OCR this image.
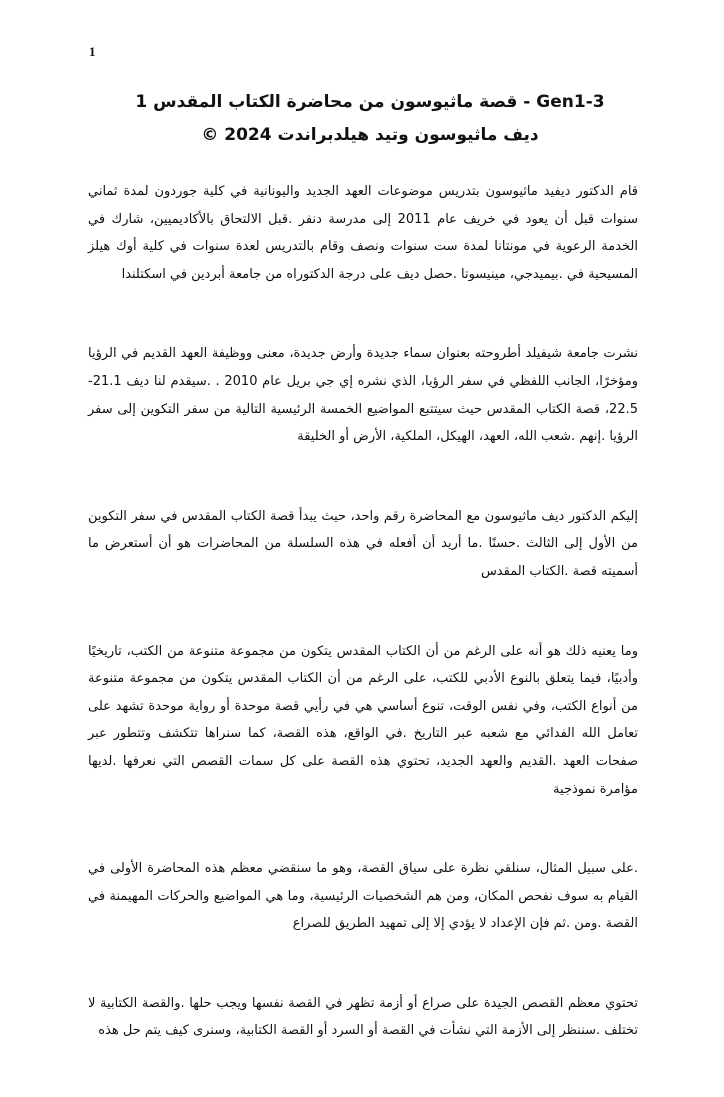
1

Gen1-3 - قصة ماثيوسون من محاضرة الكتاب المقدس 1

ديف ماثيوسون وتيد هيلدبراندت 2024 ©

قام الدكتور ديفيد ماثيوسون بتدريس موضوعات العهد الجديد واليونانية في كلية جوردون لمدة ثماني سنوات قبل أن يعود في خريف عام 2011 إلى مدرسة دنفر .قبل الالتحاق بالأكاديميين، شارك في الخدمة الرعوية في مونتانا لمدة ست سنوات ونصف وقام بالتدريس لعدة سنوات في كلية أوك هيلز المسيحية في .بيميدجي، مينيسوتا .حصل ديف على درجة الدكتوراه من جامعة أبردين في اسكتلندا

نشرت جامعة شيفيلد أطروحته بعنوان سماء جديدة وأرض جديدة، معنى ووظيفة العهد القديم في الرؤيا ومؤخرًا، الجانب اللفظي في سفر الرؤيا، الذي نشره إي جي بريل عام 2010 . .سيقدم لنا ديف 21.1-22.5، قصة الكتاب المقدس حيث سيتتبع المواضيع الخمسة الرئيسية التالية من سفر التكوين إلى سفر الرؤيا .إنهم .شعب الله، العهد، الهيكل، الملكية، الأرض أو الخليقة

إليكم الدكتور ديف ماثيوسون مع المحاضرة رقم واحد، حيث يبدأ قصة الكتاب المقدس في سفر التكوين من الأول إلى الثالث .حسنًا .ما أريد أن أفعله في هذه السلسلة من المحاضرات هو أن أستعرض ما أسميته قصة .الكتاب المقدس

وما يعنيه ذلك هو أنه على الرغم من أن الكتاب المقدس يتكون من مجموعة متنوعة من الكتب، تاريخيًا وأدبيًا، فيما يتعلق بالنوع الأدبي للكتب، على الرغم من أن الكتاب المقدس يتكون من مجموعة متنوعة من أنواع الكتب، وفي نفس الوقت، تنوع أساسي هي في رأيي قصة موحدة أو رواية موحدة تشهد على تعامل الله الفدائي مع شعبه عبر التاريخ .في الواقع، هذه القصة، كما سنراها تتكشف وتتطور عبر صفحات العهد .القديم والعهد الجديد، تحتوي هذه القصة على كل سمات القصص التي نعرفها .لديها مؤامرة نموذجية

.على سبيل المثال، سنلقي نظرة على سياق القصة، وهو ما سنقضي معظم هذه المحاضرة الأولى في القيام به سوف نفحص المكان، ومن هم الشخصيات الرئيسية، وما هي المواضيع والحركات المهيمنة في القصة .ومن .ثم فإن الإعداد لا يؤدي إلا إلى تمهيد الطريق للصراع

تحتوي معظم القصص الجيدة على صراع أو أزمة تظهر في القصة نفسها ويجب حلها .والقصة الكتابية لا تختلف .سننظر إلى الأزمة التي نشأت في القصة أو السرد أو القصة الكتابية، وسنرى كيف يتم حل هذه
